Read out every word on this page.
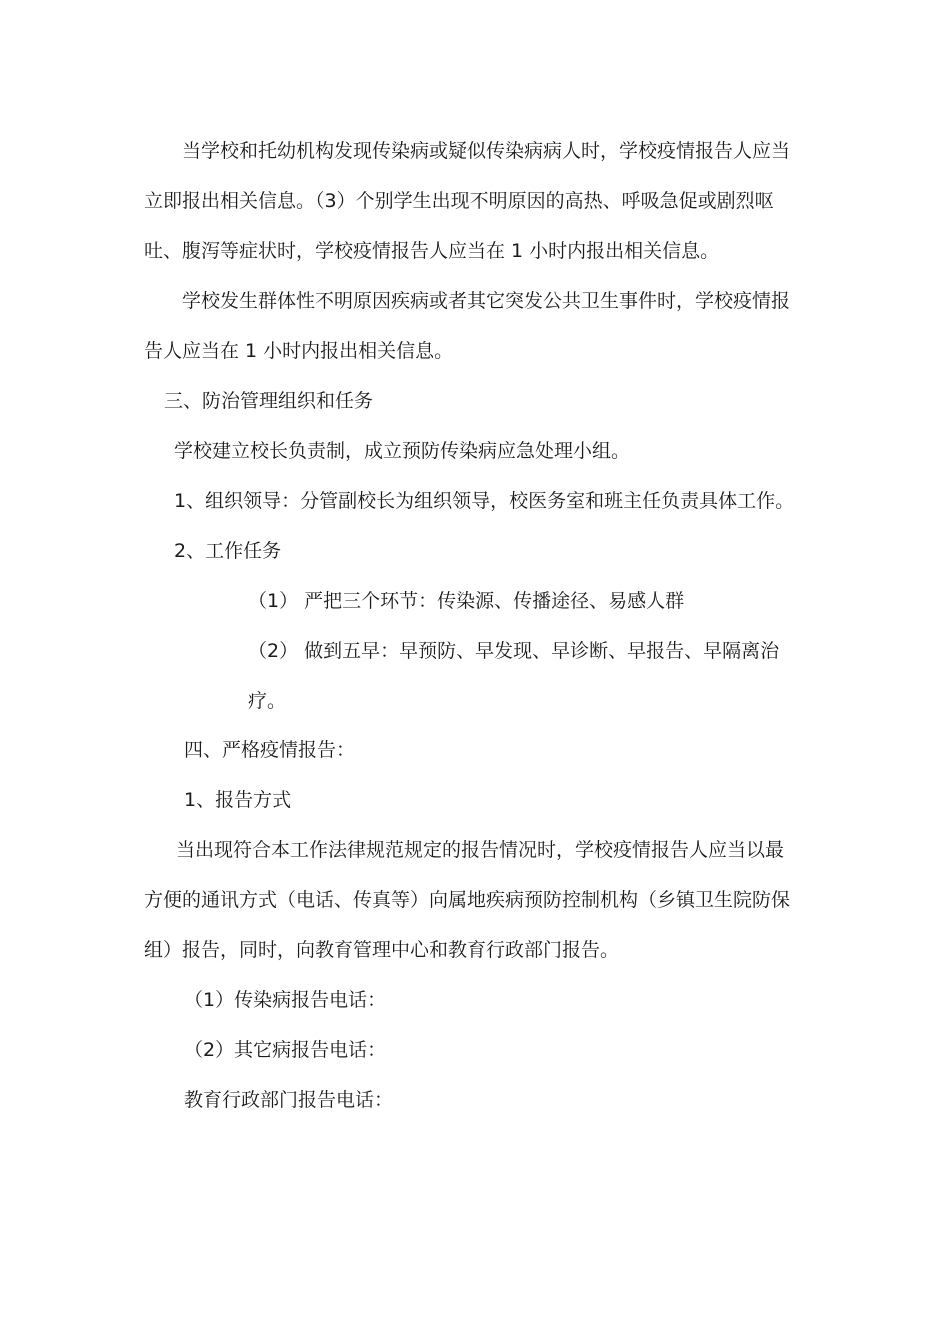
当学校和托幼机构发现传染病或疑似传染病病人时，学校疫情报告人应当
立即报出相关信息。（3）个别学生出现不明原因的高热、呼吸急促或剧烈呕
吐、腹泻等症状时，学校疫情报告人应当在 1 小时内报出相关信息。
学校发生群体性不明原因疾病或者其它突发公共卫生事件时，学校疫情报
告人应当在 1 小时内报出相关信息。
三、防治管理组织和任务
学校建立校长负责制，成立预防传染病应急处理小组。
1、组织领导：分管副校长为组织领导，校医务室和班主任负责具体工作。
2、工作任务
（1） 严把三个环节：传染源、传播途径、易感人群
（2） 做到五早：早预防、早发现、早诊断、早报告、早隔离治
疗。
四、严格疫情报告：
1、报告方式
当出现符合本工作法律规范规定的报告情况时，学校疫情报告人应当以最
方便的通讯方式（电话、传真等）向属地疾病预防控制机构（乡镇卫生院防保
组）报告，同时，向教育管理中心和教育行政部门报告。
（1）传染病报告电话：
（2）其它病报告电话：
教育行政部门报告电话：
